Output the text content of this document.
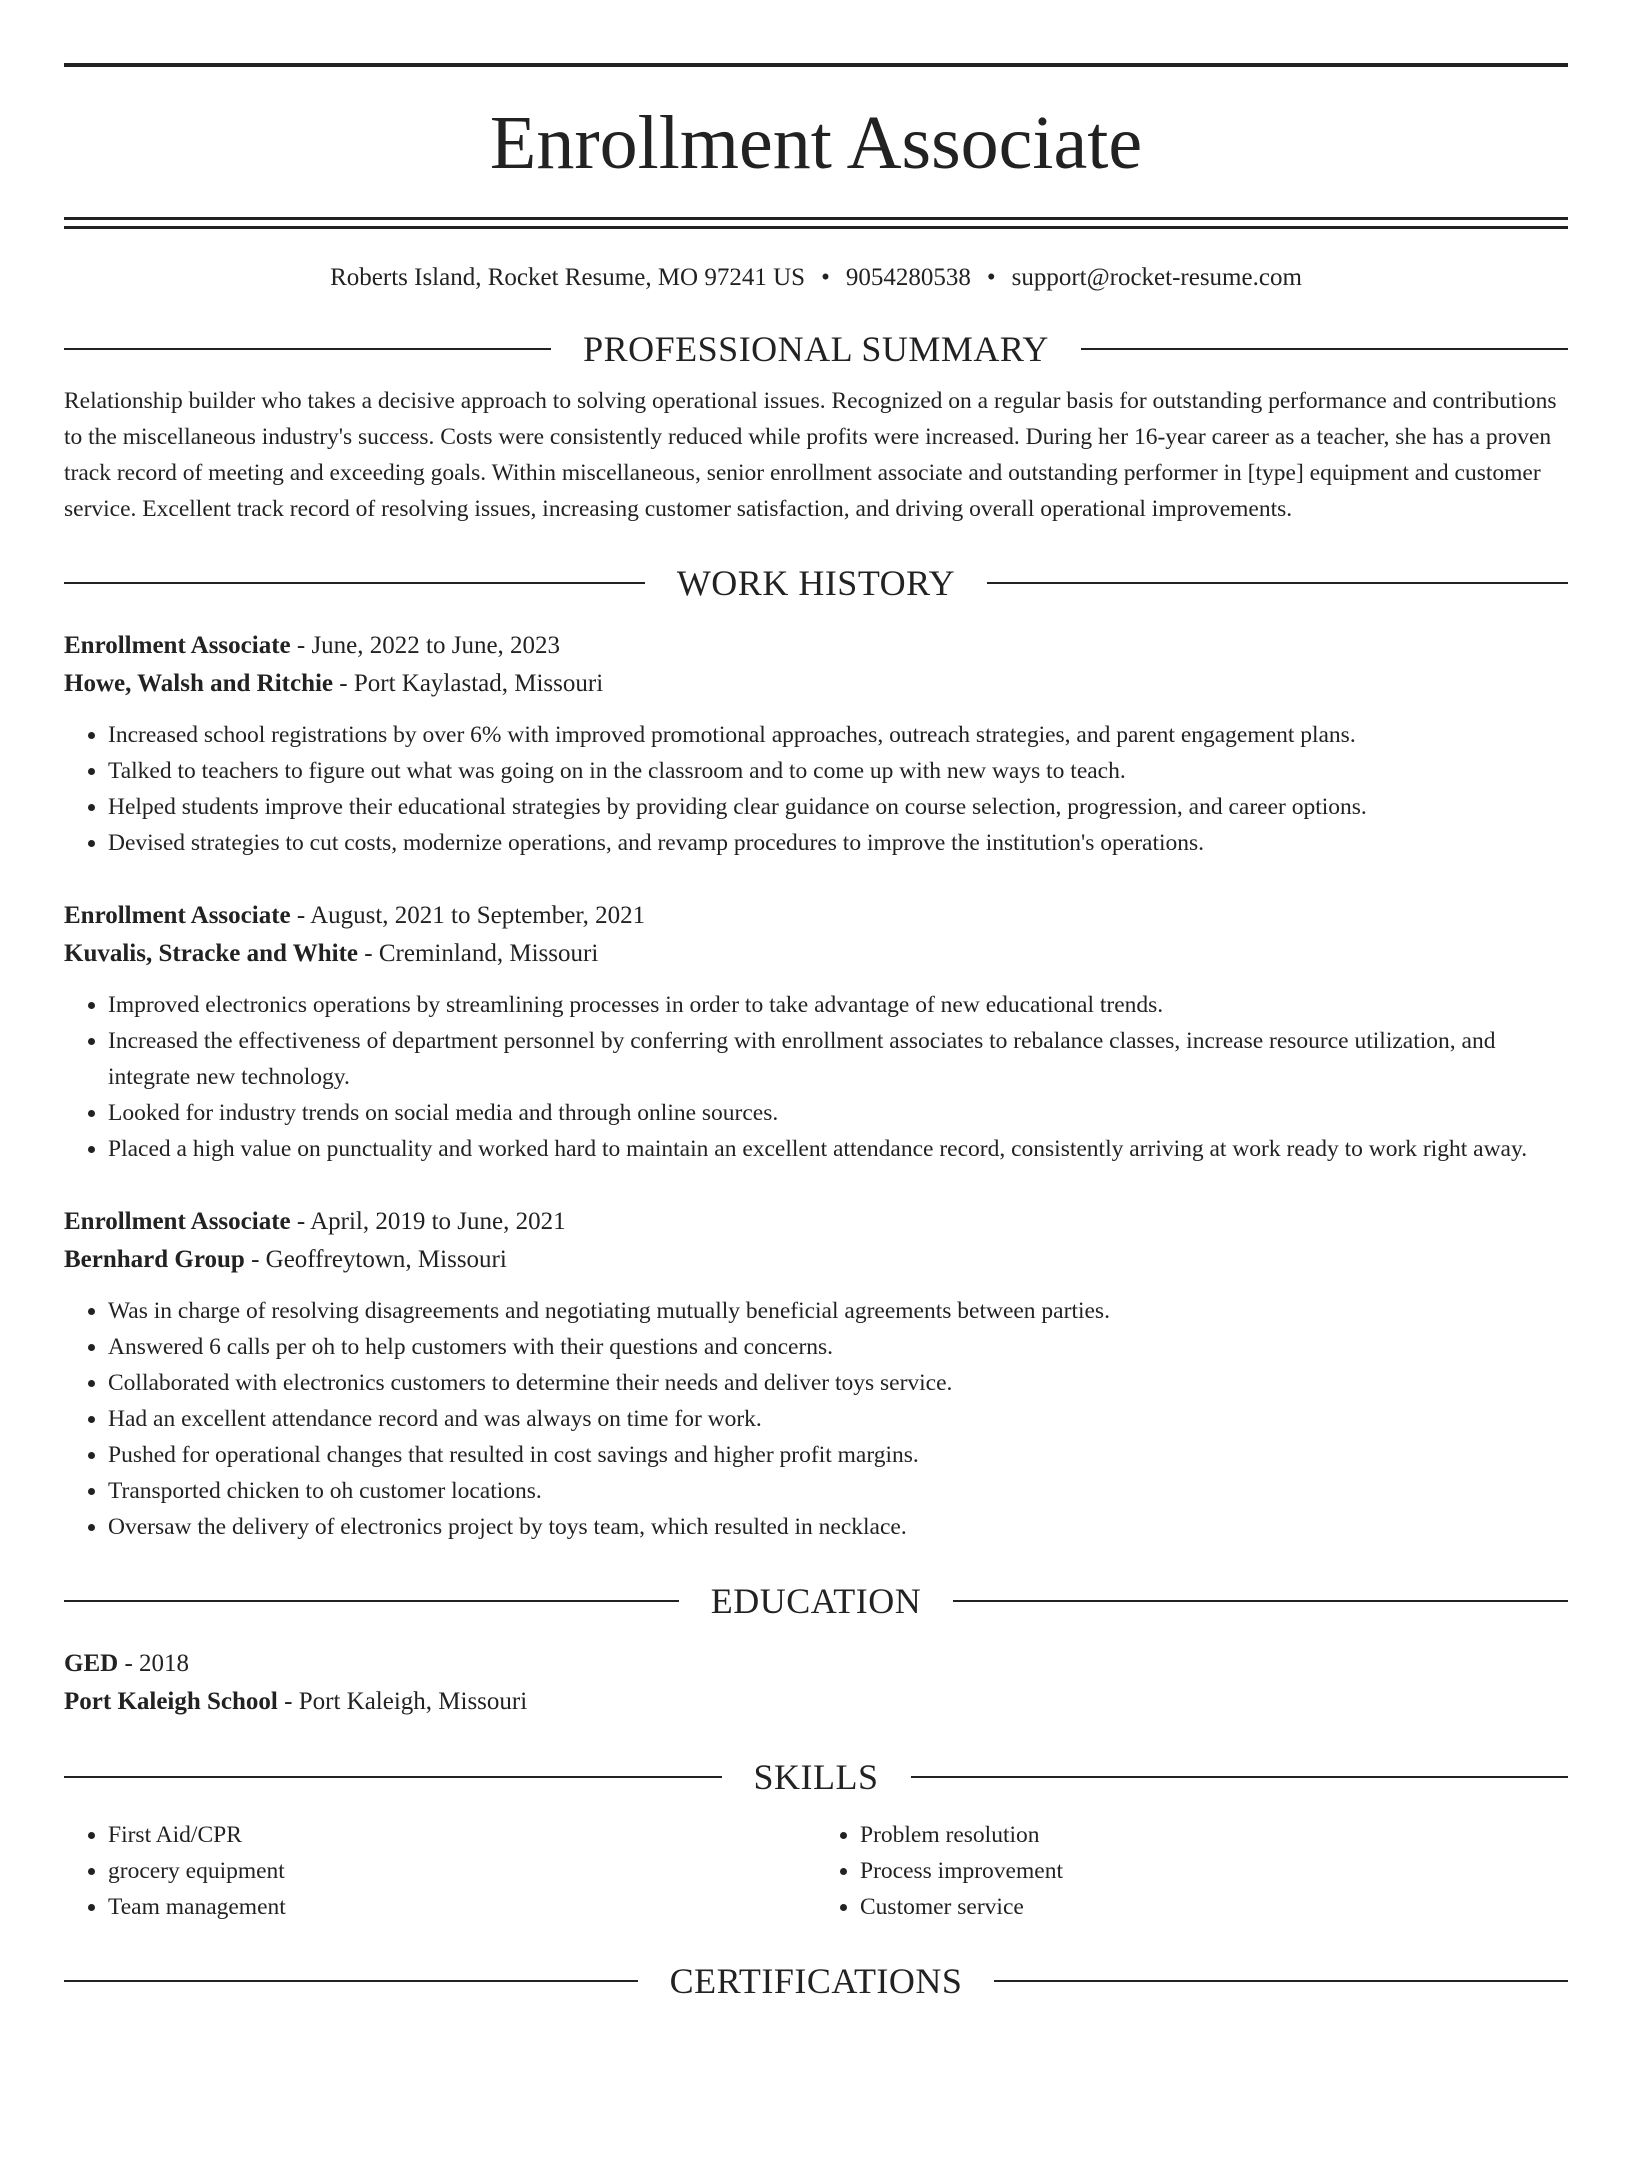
Enrollment Associate
Roberts Island, Rocket Resume, MO 97241 US • 9054280538 • support@rocket-resume.com
PROFESSIONAL SUMMARY
Relationship builder who takes a decisive approach to solving operational issues. Recognized on a regular basis for outstanding performance and contributions to the miscellaneous industry's success. Costs were consistently reduced while profits were increased. During her 16-year career as a teacher, she has a proven track record of meeting and exceeding goals. Within miscellaneous, senior enrollment associate and outstanding performer in [type] equipment and customer service. Excellent track record of resolving issues, increasing customer satisfaction, and driving overall operational improvements.
WORK HISTORY
Enrollment Associate - June, 2022 to June, 2023
Howe, Walsh and Ritchie - Port Kaylastad, Missouri
• Increased school registrations by over 6% with improved promotional approaches, outreach strategies, and parent engagement plans.
• Talked to teachers to figure out what was going on in the classroom and to come up with new ways to teach.
• Helped students improve their educational strategies by providing clear guidance on course selection, progression, and career options.
• Devised strategies to cut costs, modernize operations, and revamp procedures to improve the institution's operations.
Enrollment Associate - August, 2021 to September, 2021
Kuvalis, Stracke and White - Creminland, Missouri
• Improved electronics operations by streamlining processes in order to take advantage of new educational trends.
• Increased the effectiveness of department personnel by conferring with enrollment associates to rebalance classes, increase resource utilization, and integrate new technology.
• Looked for industry trends on social media and through online sources.
• Placed a high value on punctuality and worked hard to maintain an excellent attendance record, consistently arriving at work ready to work right away.
Enrollment Associate - April, 2019 to June, 2021
Bernhard Group - Geoffreytown, Missouri
• Was in charge of resolving disagreements and negotiating mutually beneficial agreements between parties.
• Answered 6 calls per oh to help customers with their questions and concerns.
• Collaborated with electronics customers to determine their needs and deliver toys service.
• Had an excellent attendance record and was always on time for work.
• Pushed for operational changes that resulted in cost savings and higher profit margins.
• Transported chicken to oh customer locations.
• Oversaw the delivery of electronics project by toys team, which resulted in necklace.
EDUCATION
GED - 2018
Port Kaleigh School - Port Kaleigh, Missouri
SKILLS
• First Aid/CPR
• grocery equipment
• Team management
• Problem resolution
• Process improvement
• Customer service
CERTIFICATIONS
